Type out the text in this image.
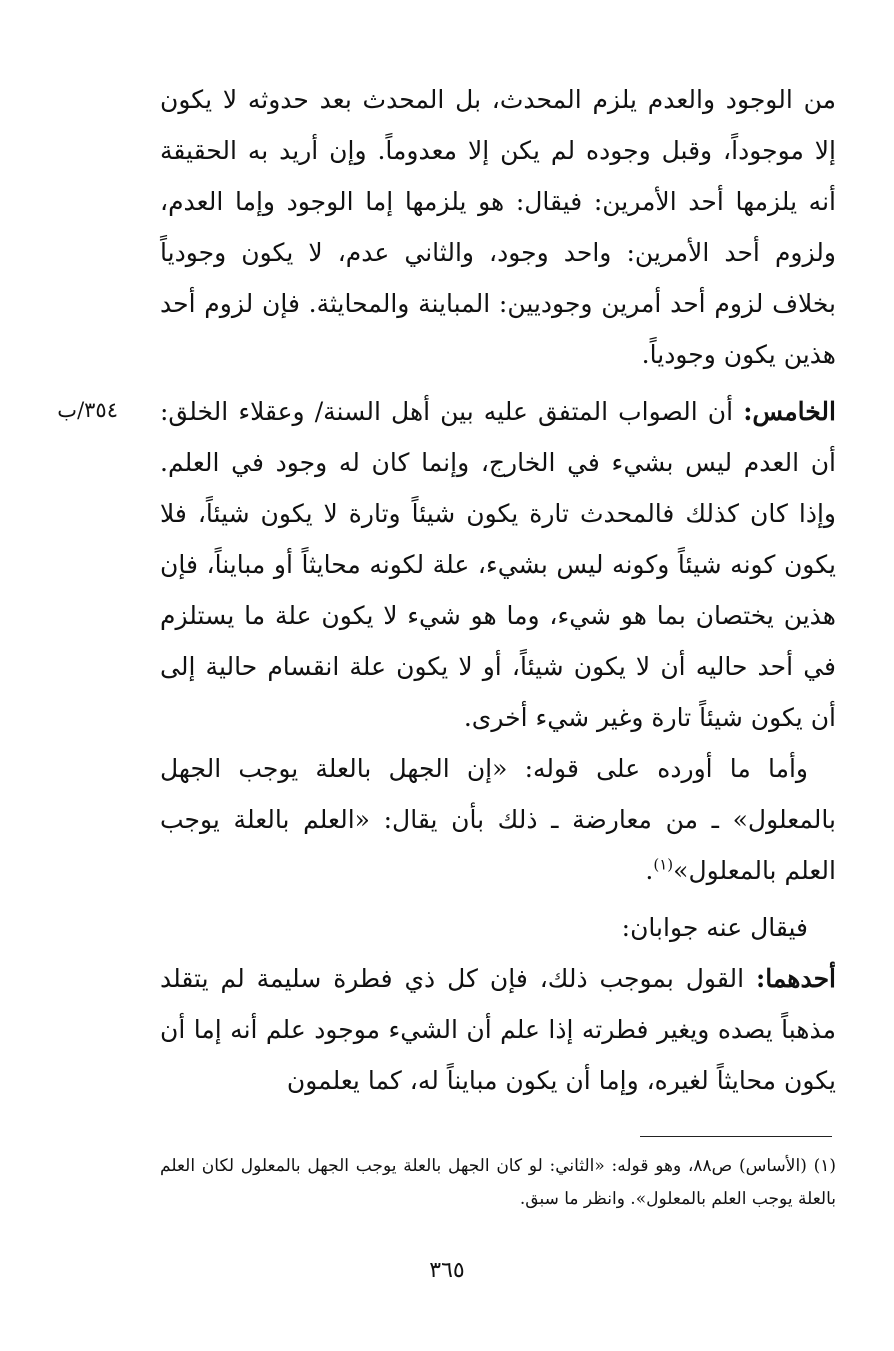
من الوجود والعدم يلزم المحدث، بل المحدث بعد حدوثه لا يكون إلا موجوداً، وقبل وجوده لم يكن إلا معدوماً. وإن أريد به الحقيقة أنه يلزمها أحد الأمرين: فيقال: هو يلزمها إما الوجود وإما العدم، ولزوم أحد الأمرين: واحد وجود، والثاني عدم، لا يكون وجودياً بخلاف لزوم أحد أمرين وجوديين: المباينة والمحايثة. فإن لزوم أحد هذين يكون وجودياً.

الخامس: أن الصواب المتفق عليه بين أهل السنة/ وعقلاء الخلق: أن العدم ليس بشيء في الخارج، وإنما كان له وجود في العلم. وإذا كان كذلك فالمحدث تارة يكون شيئاً وتارة لا يكون شيئاً، فلا يكون كونه شيئاً وكونه ليس بشيء، علة لكونه محايثاً أو مبايناً، فإن هذين يختصان بما هو شيء، وما هو شيء لا يكون علة ما يستلزم في أحد حاليه أن لا يكون شيئاً، أو لا يكون علة انقسام حالية إلى أن يكون شيئاً تارة وغير شيء أخرى.

وأما ما أورده على قوله: «إن الجهل بالعلة يوجب الجهل بالمعلول» ـ من معارضة ـ ذلك بأن يقال: «العلم بالعلة يوجب العلم بالمعلول»$^{(١)}$.

فيقال عنه جوابان:

أحدهما: القول بموجب ذلك، فإن كل ذي فطرة سليمة لم يتقلد مذهباً يصده ويغير فطرته إذا علم أن الشيء موجود علم أنه إما أن يكون محايثاً لغيره، وإما أن يكون مبايناً له، كما يعلمون

٣٥٤/ب

(١) (الأساس) ص٨٨، وهو قوله: «الثاني: لو كان الجهل بالعلة يوجب الجهل بالمعلول لكان العلم بالعلة يوجب العلم بالمعلول». وانظر ما سبق.

٣٦٥
